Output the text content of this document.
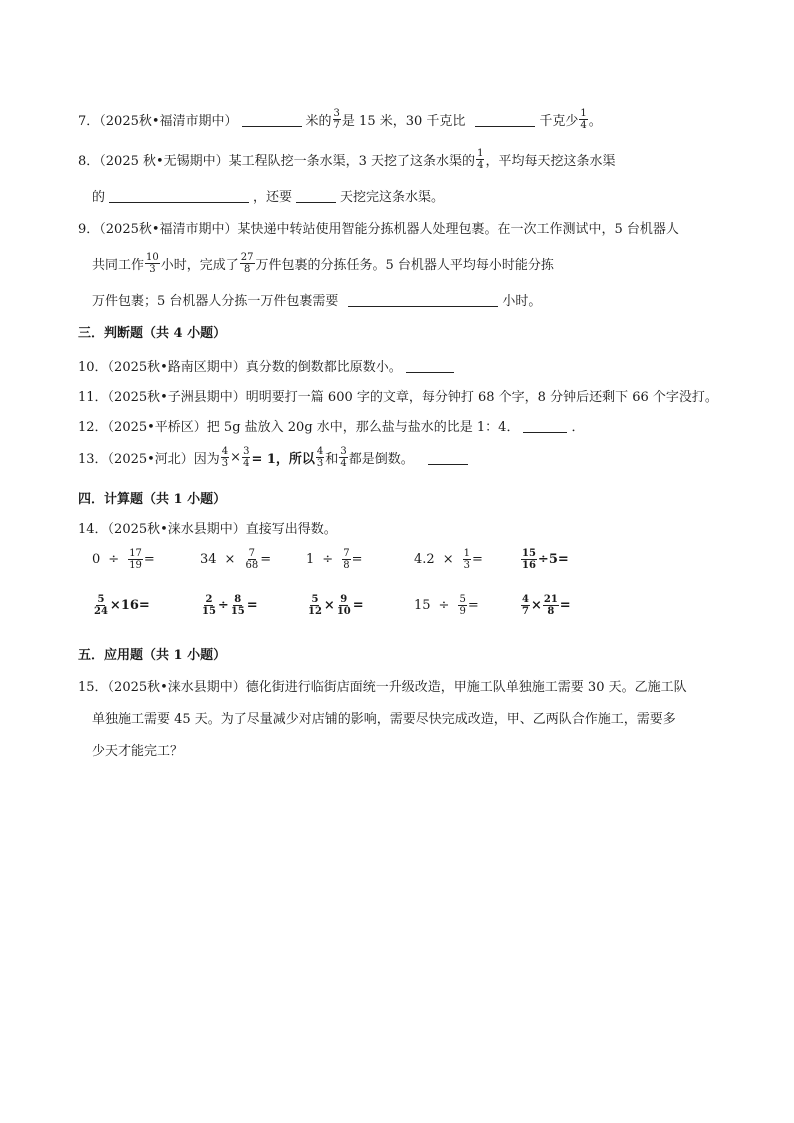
7．（2025秋•福清市期中）	米的 $\frac{3}{7}$ 是 15 米，30 千克比	千克少 $\frac{1}{4}$ 。
8．（2025 秋•无锡期中）某工程队挖一条水渠，3 天挖了这条水渠的 $\frac{1}{4}$ ，平均每天挖这条水渠
的	，还要	天挖完这条水渠。
9．（2025秋•福清市期中）某快递中转站使用智能分拣机器人处理包裹。在一次工作测试中，5 台机器人
共同工作 $\frac{10}{3}$ 小时，完成了 $\frac{27}{8}$ 万件包裹的分拣任务。5 台机器人平均每小时能分拣
万件包裹；5 台机器人分拣一万件包裹需要	小时。
三．判断题（共 4 小题）
10．（2025秋•路南区期中）真分数的倒数都比原数小。
11．（2025秋•子洲县期中）明明要打一篇 600 字的文章，每分钟打 68 个字，8 分钟后还剩下 66 个字没打。
12．（2025•平桥区）把 5g 盐放入 20g 水中，那么盐与盐水的比是 1：4．	．
13．（2025•河北）因为 $\frac{4}{3} \times \frac{3}{4} = 1$，所以 $\frac{4}{3}$ 和 $\frac{3}{4}$ 都是倒数。
四．计算题（共 1 小题）
14．（2025秋•涞水县期中）直接写出得数。
$0 \div \frac{17}{19}$ =	$34 \times \frac{7}{68}$ =	$1 \div \frac{7}{8}$ =	$4.2 \times \frac{1}{3}$ =	$\frac{15}{16} \div 5$ =
$\frac{5}{24} \times 16$ =	$\frac{2}{15} \div \frac{8}{15}$ =	$\frac{5}{12} \times \frac{9}{10}$ =	$15 \div \frac{5}{9}$ =	$\frac{4}{7} \times \frac{21}{8}$ =
五．应用题（共 1 小题）
15．（2025秋•涞水县期中）德化街进行临街店面统一升级改造，甲施工队单独施工需要 30 天。乙施工队
单独施工需要 45 天。为了尽量减少对店铺的影响，需要尽快完成改造，甲、乙两队合作施工，需要多
少天才能完工？
